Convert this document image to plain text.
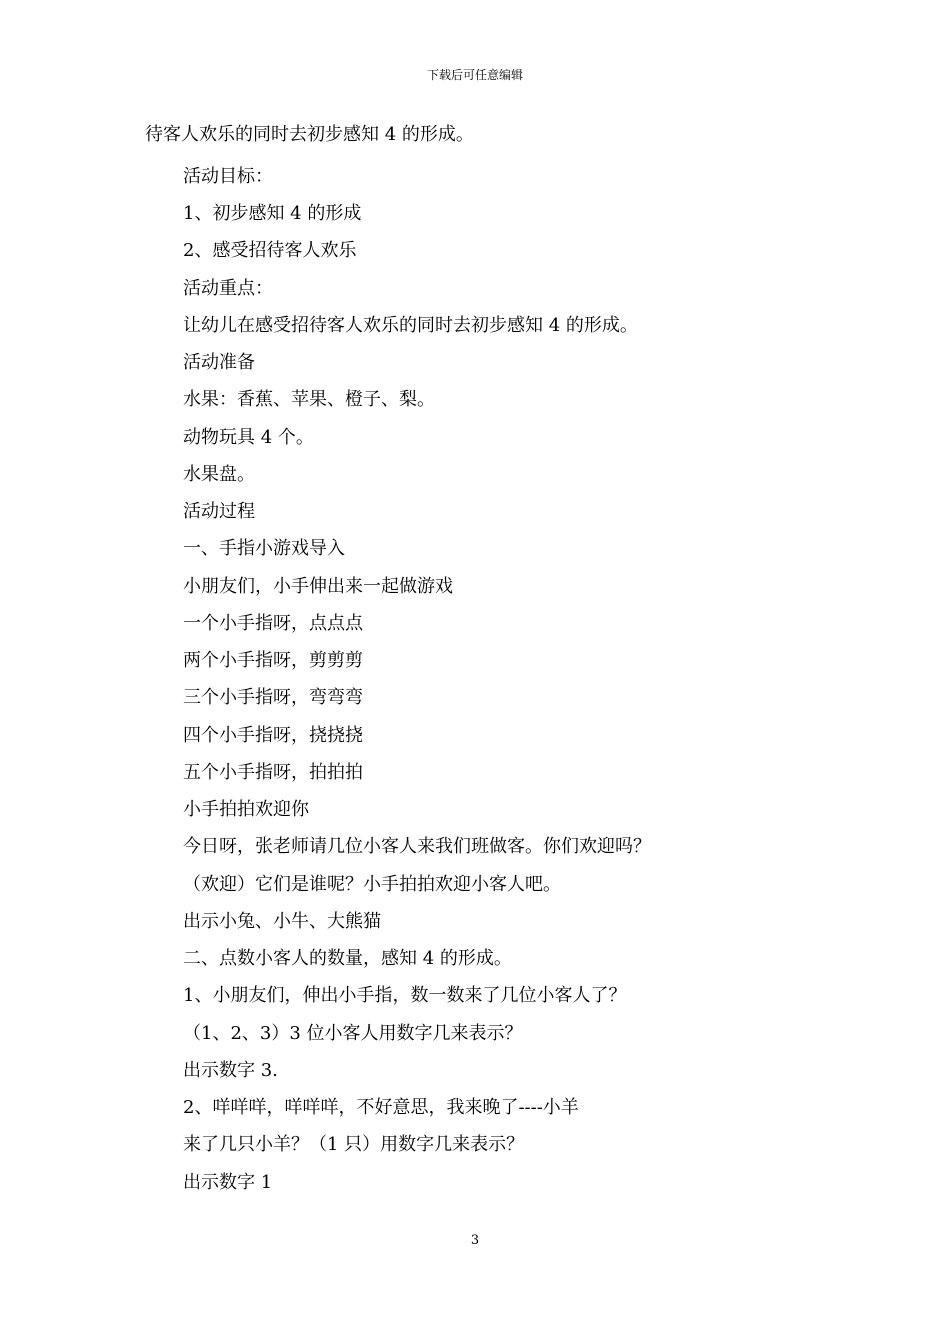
下载后可任意编辑
待客人欢乐的同时去初步感知 4 的形成。
活动目标：
1、初步感知 4 的形成
2、感受招待客人欢乐
活动重点：
让幼儿在感受招待客人欢乐的同时去初步感知 4 的形成。
活动准备
水果：香蕉、苹果、橙子、梨。
动物玩具 4 个。
水果盘。
活动过程
一、手指小游戏导入
小朋友们，小手伸出来一起做游戏
一个小手指呀，点点点
两个小手指呀，剪剪剪
三个小手指呀，弯弯弯
四个小手指呀，挠挠挠
五个小手指呀，拍拍拍
小手拍拍欢迎你
今日呀，张老师请几位小客人来我们班做客。你们欢迎吗？
（欢迎）它们是谁呢？小手拍拍欢迎小客人吧。
出示小兔、小牛、大熊猫
二、点数小客人的数量，感知 4 的形成。
1、小朋友们，伸出小手指，数一数来了几位小客人了？
（1、2、3）3 位小客人用数字几来表示？
出示数字 3.
2、咩咩咩，咩咩咩，不好意思，我来晚了----小羊
来了几只小羊？（1 只）用数字几来表示？
出示数字 1
3
